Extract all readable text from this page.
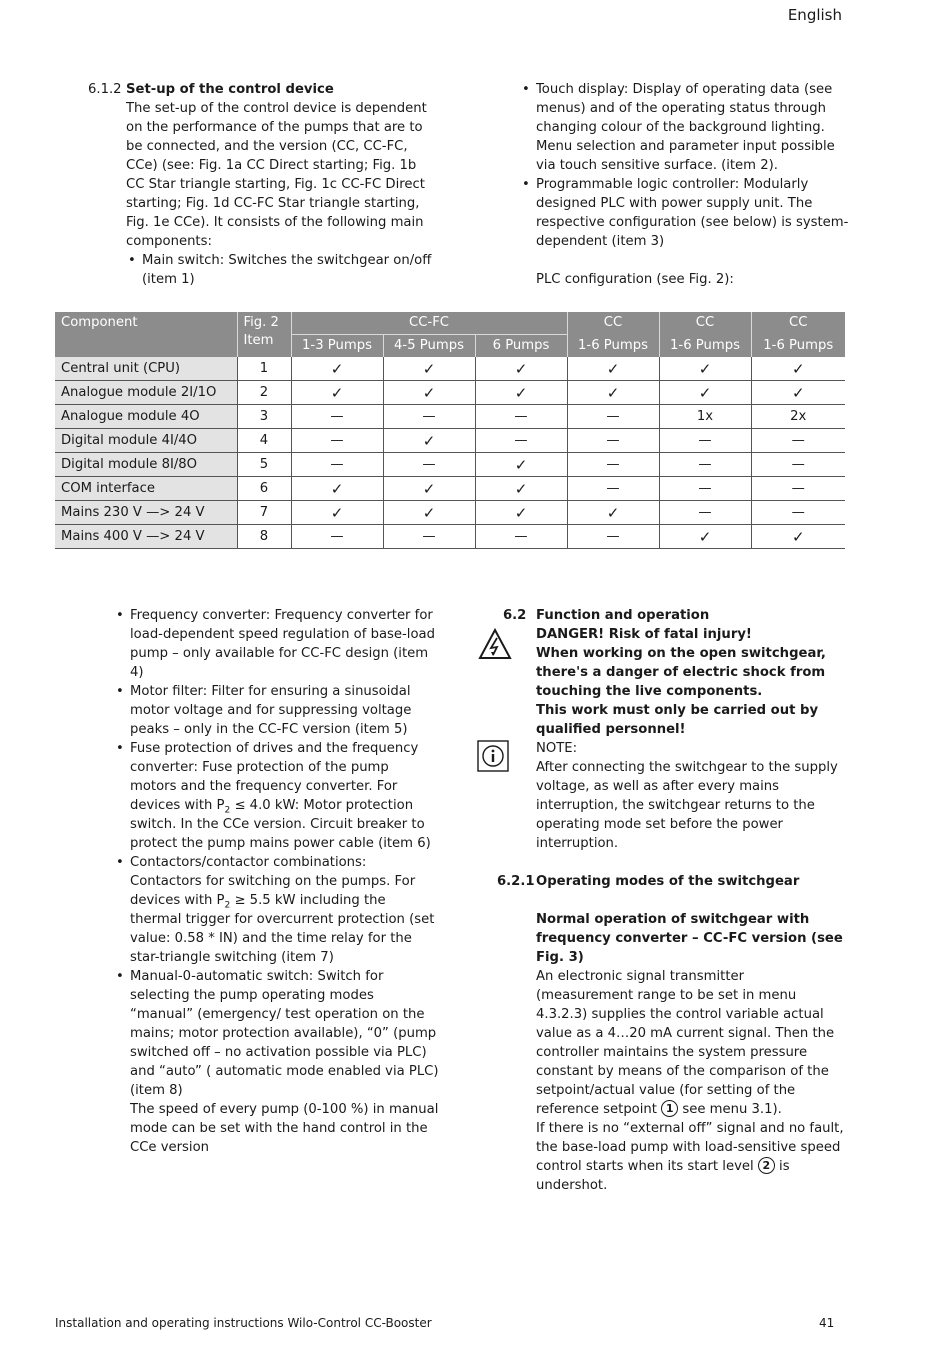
English
6.1.2 Set-up of the control device

The set-up of the control device is dependent on the performance of the pumps that are to be connected, and the version (CC, CC-FC, CCe) (see: Fig. 1a CC Direct starting; Fig. 1b CC Star triangle starting, Fig. 1c CC-FC Direct starting; Fig. 1d CC-FC Star triangle starting, Fig. 1e CCe). It consists of the following main components:

• Main switch: Switches the switchgear on/off (item 1)
• Touch display: Display of operating data (see menus) and of the operating status through changing colour of the background lighting. Menu selection and parameter input possible via touch sensitive surface. (item 2).
• Programmable logic controller: Modularly designed PLC with power supply unit. The respective configuration (see below) is system-dependent (item 3)

PLC configuration (see Fig. 2):

Component	Fig. 2 Item	CC-FC			CC	CC	CC
		1-3 Pumps	4-5 Pumps	6 Pumps	1-6 Pumps	1-6 Pumps	1-6 Pumps
Central unit (CPU)	1	✓	✓	✓	✓	✓	✓
Analogue module 2I/1O	2	✓	✓	✓	✓	✓	✓
Analogue module 4O	3	—	—	—	—	1x	2x
Digital module 4I/4O	4	—	✓	—	—	—	—
Digital module 8I/8O	5	—	—	✓	—	—	—
COM interface	6	✓	✓	✓	—	—	—
Mains 230 V —> 24 V	7	✓	✓	✓	✓	—	—
Mains 400 V —> 24 V	8	—	—	—	—	✓	✓
• Frequency converter: Frequency converter for load-dependent speed regulation of base-load pump – only available for CC-FC design (item 4)
• Motor filter: Filter for ensuring a sinusoidal motor voltage and for suppressing voltage peaks – only in the CC-FC version (item 5)
• Fuse protection of drives and the frequency converter: Fuse protection of the pump motors and the frequency converter. For devices with $P_2 \le 4.0$ kW: Motor protection switch. In the CCe version. Circuit breaker to protect the pump mains power cable (item 6)
• Contactors/contactor combinations: Contactors for switching on the pumps. For devices with $P_2 \ge 5.5$ kW including the thermal trigger for overcurrent protection (set value: 0.58 * IN) and the time relay for the star-triangle switching (item 7)
• Manual-0-automatic switch: Switch for selecting the pump operating modes “manual” (emergency/ test operation on the mains; motor protection available), “0” (pump switched off – no activation possible via PLC) and “auto” ( automatic mode enabled via PLC) (item 8)

The speed of every pump (0-100 %) in manual mode can be set with the hand control in the CCe version

6.2 Function and operation

DANGER! Risk of fatal injury!

When working on the open switchgear, there's a danger of electric shock from touching the live components.

This work must only be carried out by qualified personnel!

NOTE:

After connecting the switchgear to the supply voltage, as well as after every mains interruption, the switchgear returns to the operating mode set before the power interruption.

6.2.1 Operating modes of the switchgear

Normal operation of switchgear with frequency converter – CC-FC version (see Fig. 3)

An electronic signal transmitter (measurement range to be set in menu 4.3.2.3) supplies the control variable actual value as a 4…20 mA current signal. Then the controller maintains the system pressure constant by means of the comparison of the setpoint/actual value (for setting of the reference setpoint 1 see menu 3.1).

If there is no “external off” signal and no fault, the base-load pump with load-sensitive speed control starts when its start level 2 is undershot.

Installation and operating instructions Wilo-Control CC-Booster	41
